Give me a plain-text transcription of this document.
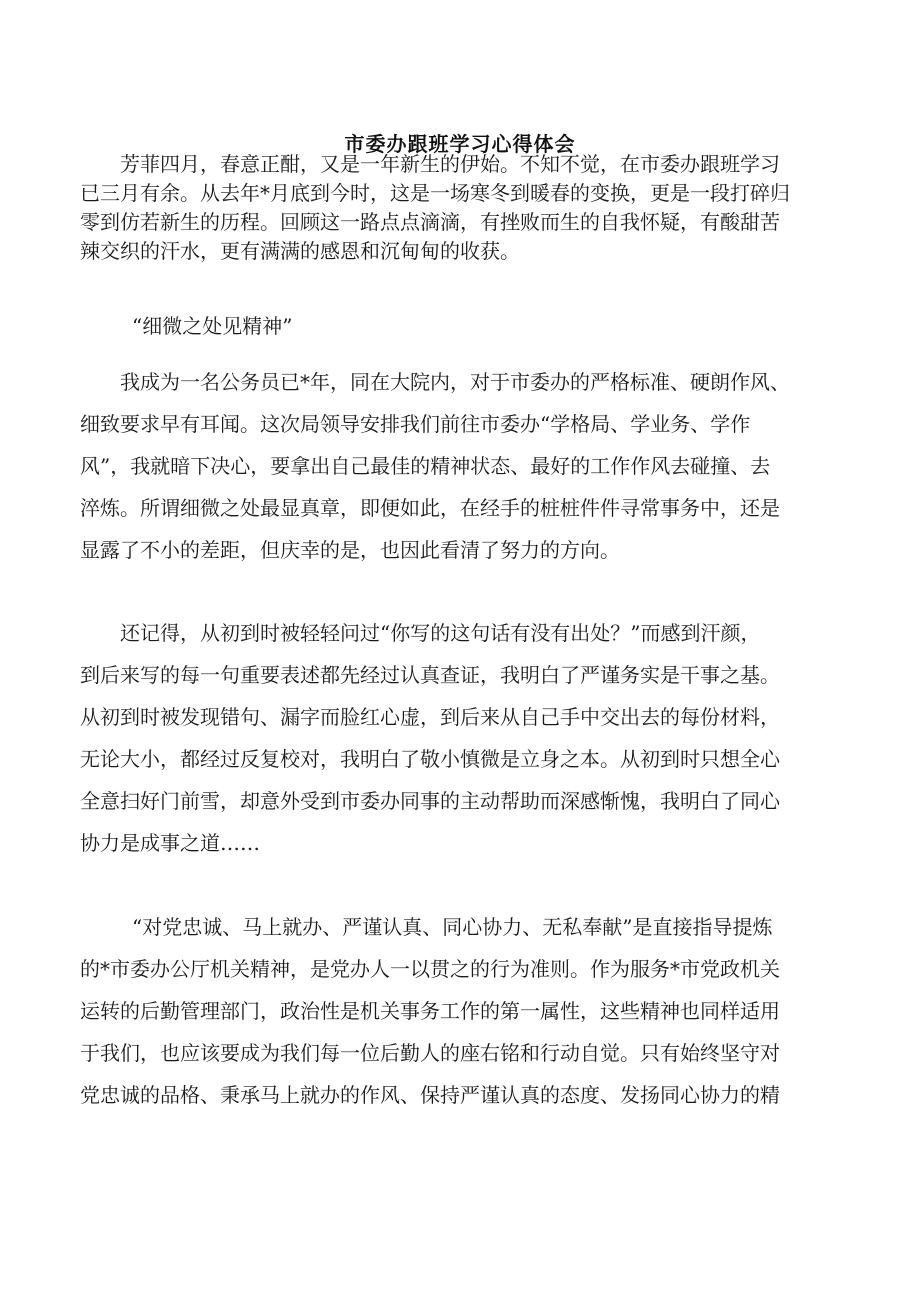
市委办跟班学习心得体会

芳菲四月，春意正酣，又是一年新生的伊始。不知不觉，在市委办跟班学习
已三月有余。从去年*月底到今时，这是一场寒冬到暖春的变换，更是一段打碎归
零到仿若新生的历程。回顾这一路点点滴滴，有挫败而生的自我怀疑，有酸甜苦
辣交织的汗水，更有满满的感恩和沉甸甸的收获。

“细微之处见精神”

我成为一名公务员已*年，同在大院内，对于市委办的严格标准、硬朗作风、
细致要求早有耳闻。这次局领导安排我们前往市委办“学格局、学业务、学作
风”，我就暗下决心，要拿出自己最佳的精神状态、最好的工作作风去碰撞、去
淬炼。所谓细微之处最显真章，即便如此，在经手的桩桩件件寻常事务中，还是
显露了不小的差距，但庆幸的是，也因此看清了努力的方向。

还记得，从初到时被轻轻问过“你写的这句话有没有出处？”而感到汗颜，
到后来写的每一句重要表述都先经过认真查证，我明白了严谨务实是干事之基。
从初到时被发现错句、漏字而脸红心虚，到后来从自己手中交出去的每份材料，
无论大小，都经过反复校对，我明白了敬小慎微是立身之本。从初到时只想全心
全意扫好门前雪，却意外受到市委办同事的主动帮助而深感惭愧，我明白了同心
协力是成事之道……

“对党忠诚、马上就办、严谨认真、同心协力、无私奉献”是直接指导提炼
的*市委办公厅机关精神，是党办人一以贯之的行为准则。作为服务*市党政机关
运转的后勤管理部门，政治性是机关事务工作的第一属性，这些精神也同样适用
于我们，也应该要成为我们每一位后勤人的座右铭和行动自觉。只有始终坚守对
党忠诚的品格、秉承马上就办的作风、保持严谨认真的态度、发扬同心协力的精
